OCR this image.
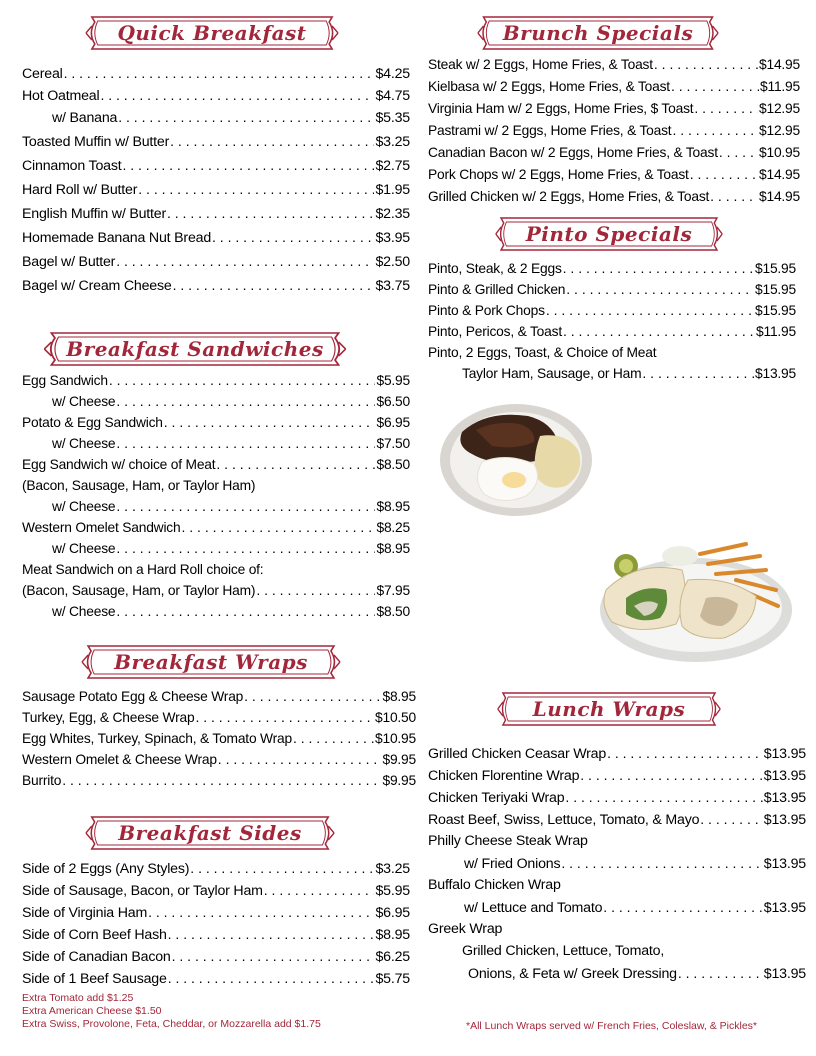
Quick Breakfast
Cereal . . .	$4.25
Hot Oatmeal . . .	$4.75
w/ Banana . . .	$5.35
Toasted Muffin w/ Butter . . .	$3.25
Cinnamon Toast . . .	$2.75
Hard Roll w/ Butter . . .	$1.95
English Muffin w/ Butter . . .	$2.35
Homemade Banana Nut Bread . . .	$3.95
Bagel w/ Butter . . .	$2.50
Bagel w/ Cream Cheese . . .	$3.75
Breakfast Sandwiches
Egg Sandwich . . .	$5.95
w/ Cheese . . .	$6.50
Potato & Egg Sandwich . . .	$6.95
w/ Cheese . . .	$7.50
Egg Sandwich w/ choice of Meat . . .	$8.50
(Bacon, Sausage, Ham, or Taylor Ham)
w/ Cheese . . .	$8.95
Western Omelet Sandwich . . .	$8.25
w/ Cheese . . .	$8.95
Meat Sandwich on a Hard Roll choice of:
(Bacon, Sausage, Ham, or Taylor Ham) . . .	$7.95
w/ Cheese . . .	$8.50
Breakfast Wraps
Sausage Potato Egg & Cheese Wrap . . .	$8.95
Turkey, Egg, & Cheese Wrap . . .	$10.50
Egg Whites, Turkey, Spinach, & Tomato Wrap . . .	$10.95
Western Omelet & Cheese Wrap . . .	$9.95
Burrito . . .	$9.95
Breakfast Sides
Side of 2 Eggs (Any Styles) . . .	$3.25
Side of Sausage, Bacon, or Taylor Ham . . .	$5.95
Side of Virginia Ham . . .	$6.95
Side of Corn Beef Hash . . .	$8.95
Side of Canadian Bacon . . .	$6.25
Side of 1 Beef Sausage . . .	$5.75
Extra Tomato add $1.25
Extra American Cheese $1.50
Extra Swiss, Provolone, Feta, Cheddar, or Mozzarella add $1.75
Brunch Specials
Steak w/ 2 Eggs, Home Fries, & Toast . . .	$14.95
Kielbasa w/ 2 Eggs, Home Fries, & Toast . . .	$11.95
Virginia Ham w/ 2 Eggs, Home Fries, $ Toast . . .	$12.95
Pastrami w/ 2 Eggs, Home Fries, & Toast . . .	$12.95
Canadian Bacon w/ 2 Eggs, Home Fries, & Toast . . .	$10.95
Pork Chops w/ 2 Eggs, Home Fries, & Toast . . .	$14.95
Grilled Chicken w/ 2 Eggs, Home Fries, & Toast . . .	$14.95
Pinto Specials
Pinto, Steak, & 2 Eggs . . .	$15.95
Pinto & Grilled Chicken . . .	$15.95
Pinto & Pork Chops . . .	$15.95
Pinto, Pericos, & Toast . . .	$11.95
Pinto, 2 Eggs, Toast, & Choice of Meat
Taylor Ham, Sausage, or Ham . . .	$13.95
Lunch Wraps
Grilled Chicken Ceasar Wrap . . .	$13.95
Chicken Florentine Wrap . . .	$13.95
Chicken Teriyaki Wrap . . .	$13.95
Roast Beef, Swiss, Lettuce, Tomato, & Mayo . . .	$13.95
Philly Cheese Steak Wrap
w/ Fried Onions . . .	$13.95
Buffalo Chicken Wrap
w/ Lettuce and Tomato . . .	$13.95
Greek Wrap
Grilled Chicken, Lettuce, Tomato,
Onions, & Feta w/ Greek Dressing . . .	$13.95
*All Lunch Wraps served w/ French Fries, Coleslaw, & Pickles*
